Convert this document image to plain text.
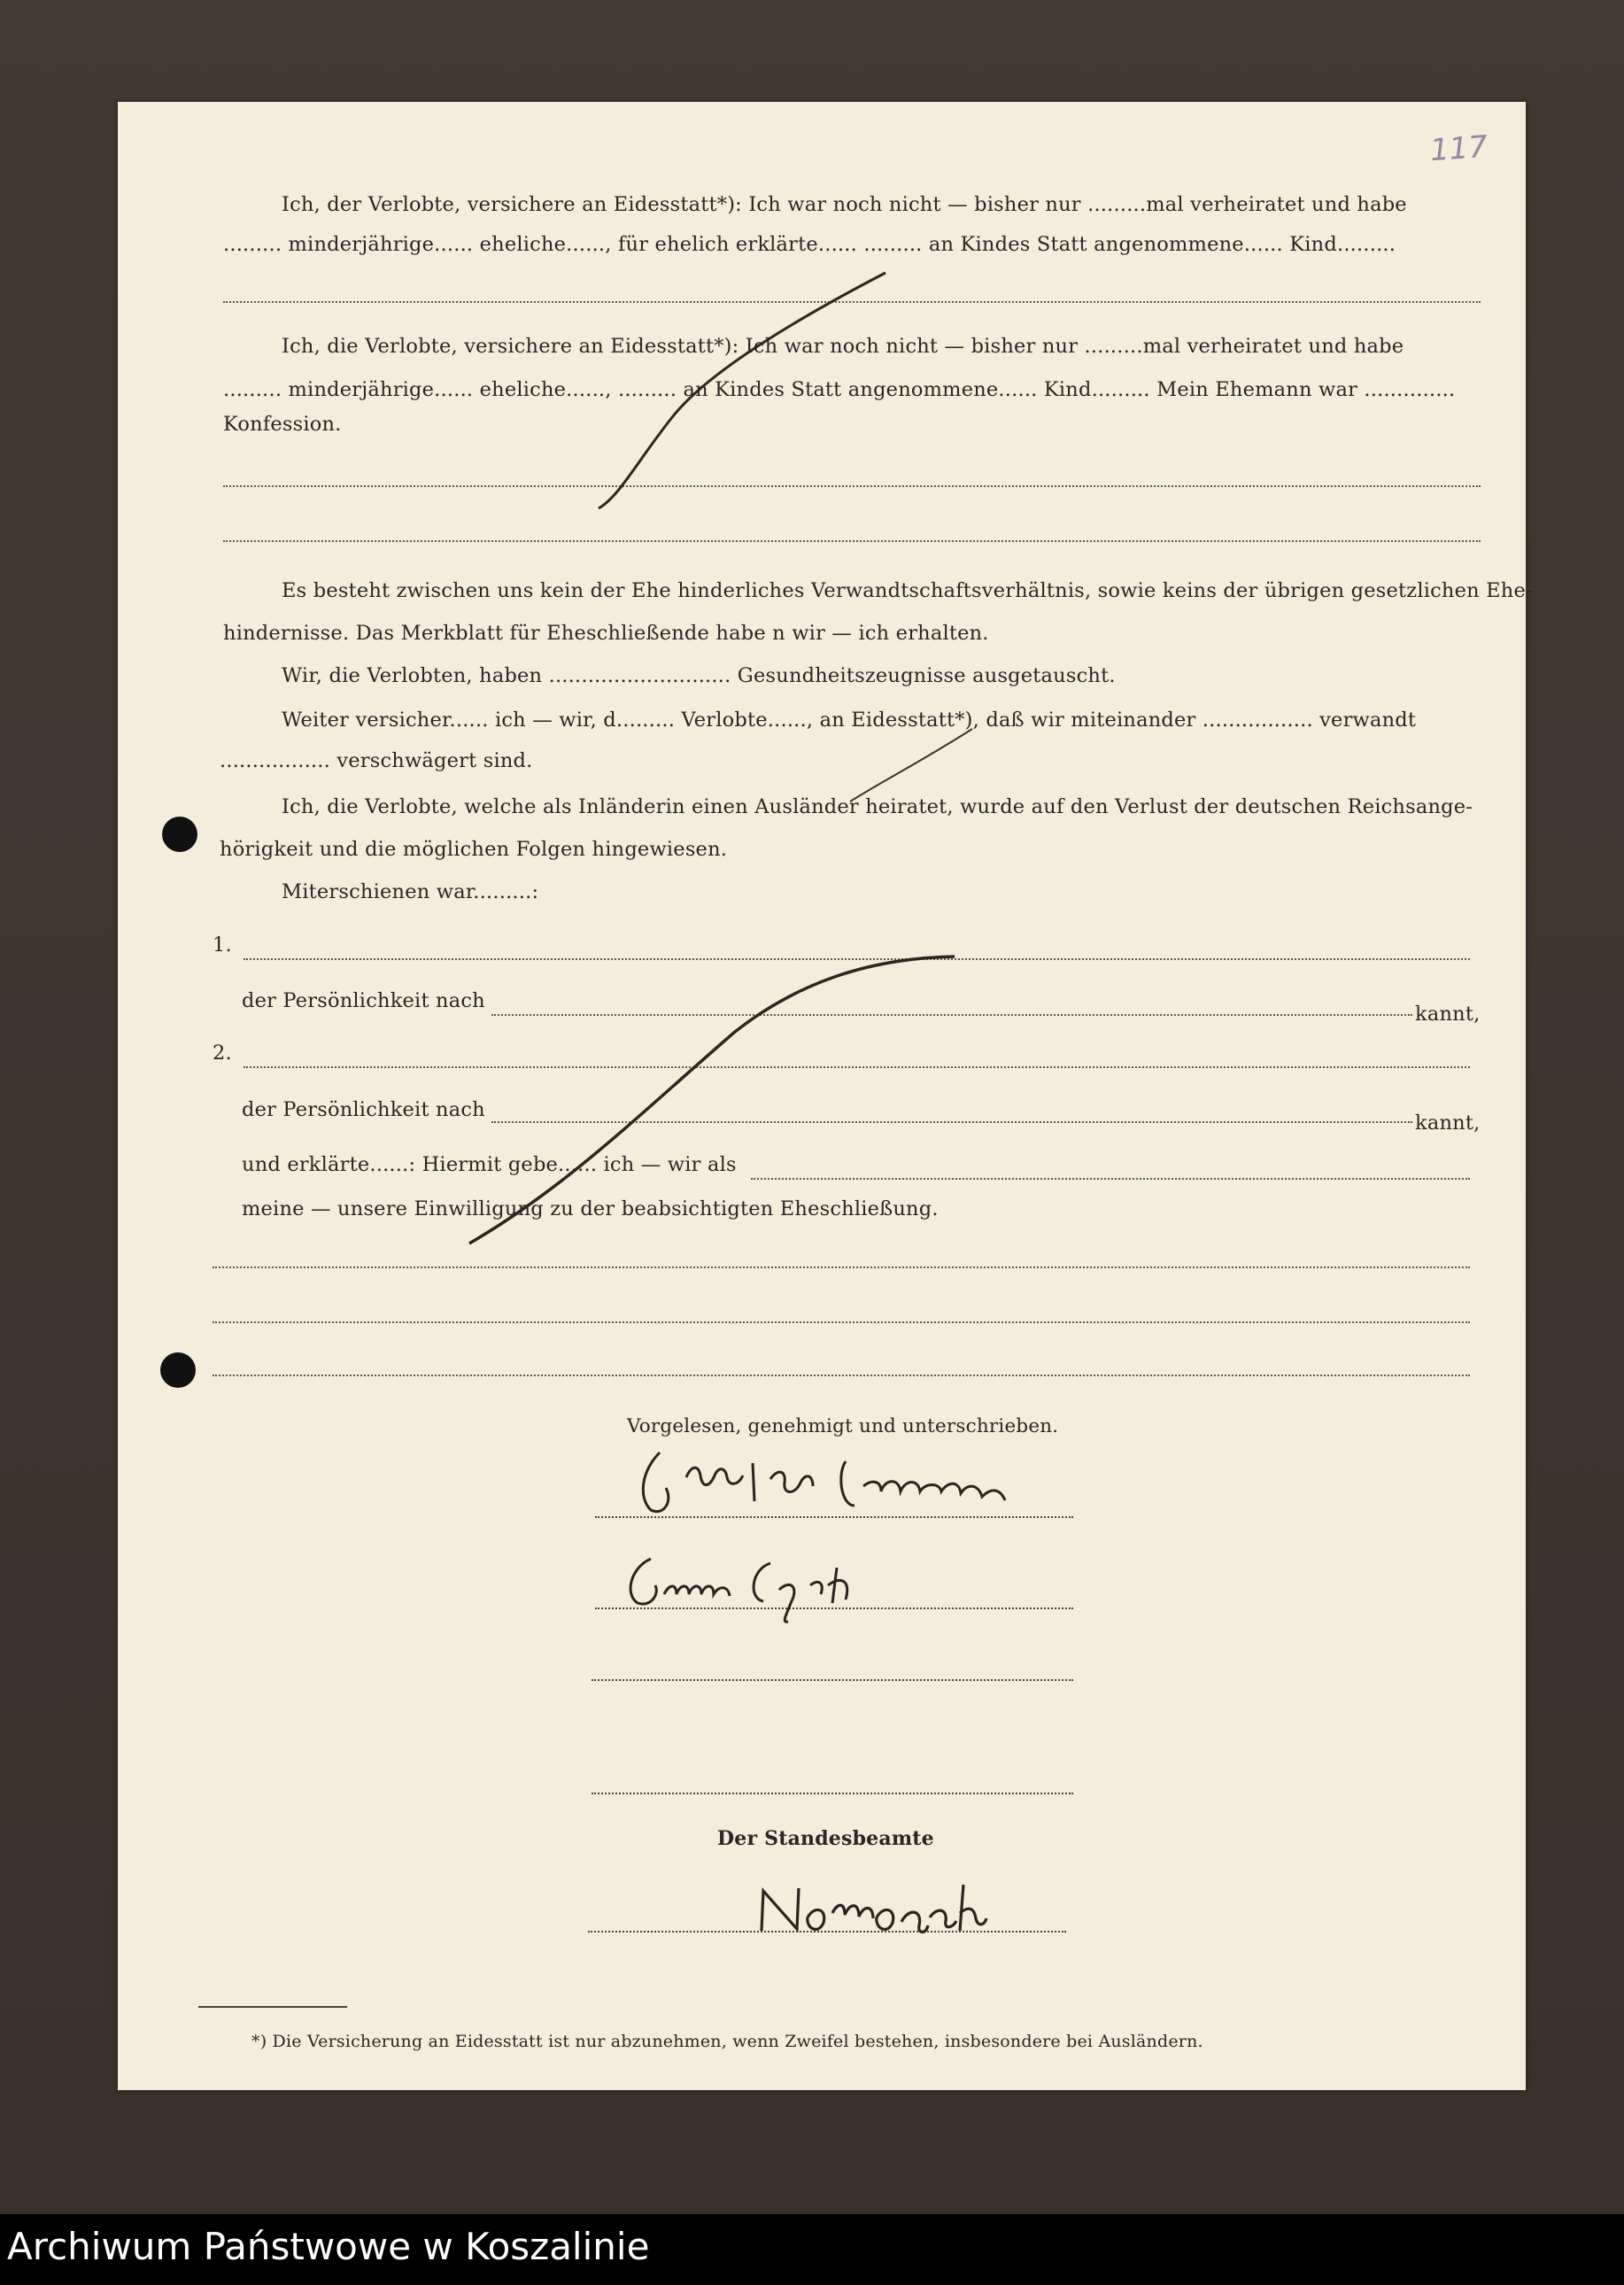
117
Ich, der Verlobte, versichere an Eidesstatt*): Ich war noch nicht — bisher nur .........mal verheiratet und habe
......... minderjährige...... eheliche......, für ehelich erklärte...... ......... an Kindes Statt angenommene...... Kind.........
Ich, die Verlobte, versichere an Eidesstatt*): Ich war noch nicht — bisher nur .........mal verheiratet und habe
......... minderjährige...... eheliche......, ......... an Kindes Statt angenommene...... Kind......... Mein Ehemann war ..............
Konfession.
Es besteht zwischen uns kein der Ehe hinderliches Verwandtschaftsverhältnis, sowie keins der übrigen gesetzlichen Ehe-
hindernisse. Das Merkblatt für Eheschließende habe n wir — ich erhalten.
Wir, die Verlobten, haben ............................ Gesundheitszeugnisse ausgetauscht.
Weiter versicher...... ich — wir, d......... Verlobte......, an Eidesstatt*), daß wir miteinander ................. verwandt
................. verschwägert sind.
Ich, die Verlobte, welche als Inländerin einen Ausländer heiratet, wurde auf den Verlust der deutschen Reichsange-
hörigkeit und die möglichen Folgen hingewiesen.
Miterschienen war.........:
1.
der Persönlichkeit nach
kannt,
2.
der Persönlichkeit nach
kannt,
und erklärte......: Hiermit gebe...... ich — wir als
meine — unsere Einwilligung zu der beabsichtigten Eheschließung.
Vorgelesen, genehmigt und unterschrieben.
Der Standesbeamte
*) Die Versicherung an Eidesstatt ist nur abzunehmen, wenn Zweifel bestehen, insbesondere bei Ausländern.
Archiwum Państwowe w Koszalinie
